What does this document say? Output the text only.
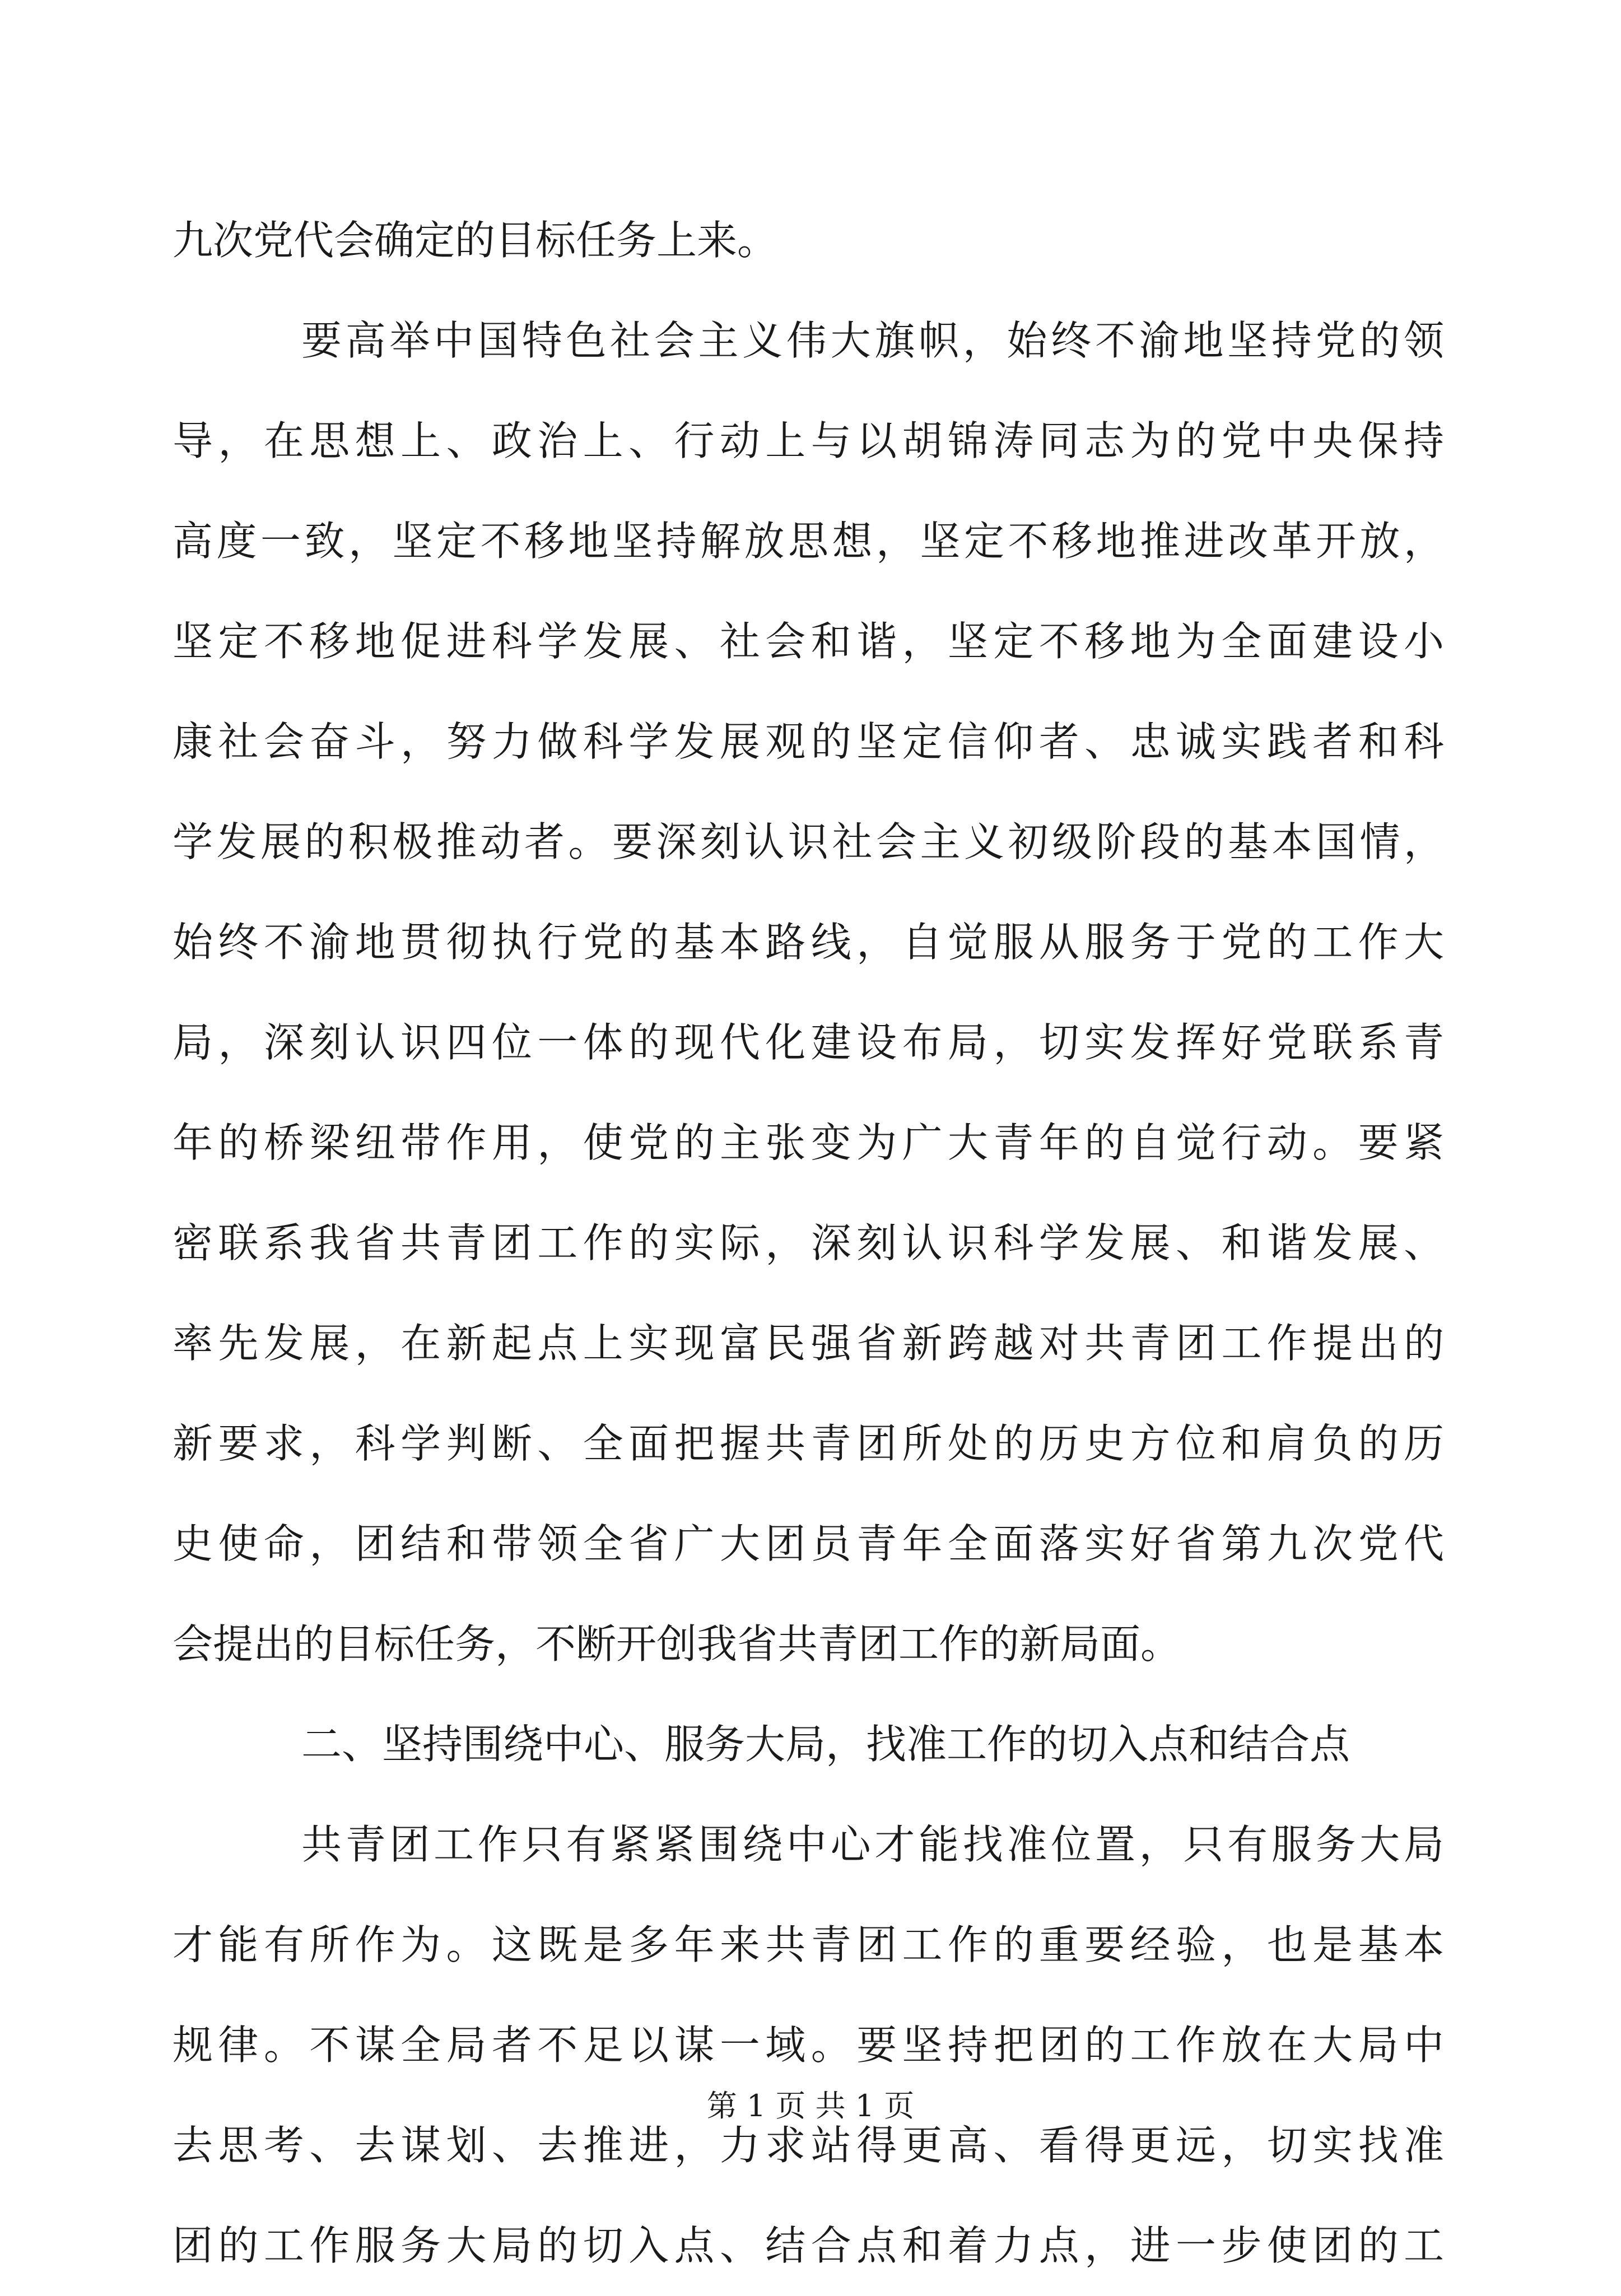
九次党代会确定的目标任务上来。
要高举中国特色社会主义伟大旗帜，始终不渝地坚持党的领
导，在思想上、政治上、行动上与以胡锦涛同志为的党中央保持
高度一致，坚定不移地坚持解放思想，坚定不移地推进改革开放，
坚定不移地促进科学发展、社会和谐，坚定不移地为全面建设小
康社会奋斗，努力做科学发展观的坚定信仰者、忠诚实践者和科
学发展的积极推动者。要深刻认识社会主义初级阶段的基本国情，
始终不渝地贯彻执行党的基本路线，自觉服从服务于党的工作大
局，深刻认识四位一体的现代化建设布局，切实发挥好党联系青
年的桥梁纽带作用，使党的主张变为广大青年的自觉行动。要紧
密联系我省共青团工作的实际，深刻认识科学发展、和谐发展、
率先发展，在新起点上实现富民强省新跨越对共青团工作提出的
新要求，科学判断、全面把握共青团所处的历史方位和肩负的历
史使命，团结和带领全省广大团员青年全面落实好省第九次党代
会提出的目标任务，不断开创我省共青团工作的新局面。
二、坚持围绕中心、服务大局，找准工作的切入点和结合点
共青团工作只有紧紧围绕中心才能找准位置，只有服务大局
才能有所作为。这既是多年来共青团工作的重要经验，也是基本
规律。不谋全局者不足以谋一域。要坚持把团的工作放在大局中
去思考、去谋划、去推进，力求站得更高、看得更远，切实找准
团的工作服务大局的切入点、结合点和着力点，进一步使团的工
第 1 页 共 1 页
